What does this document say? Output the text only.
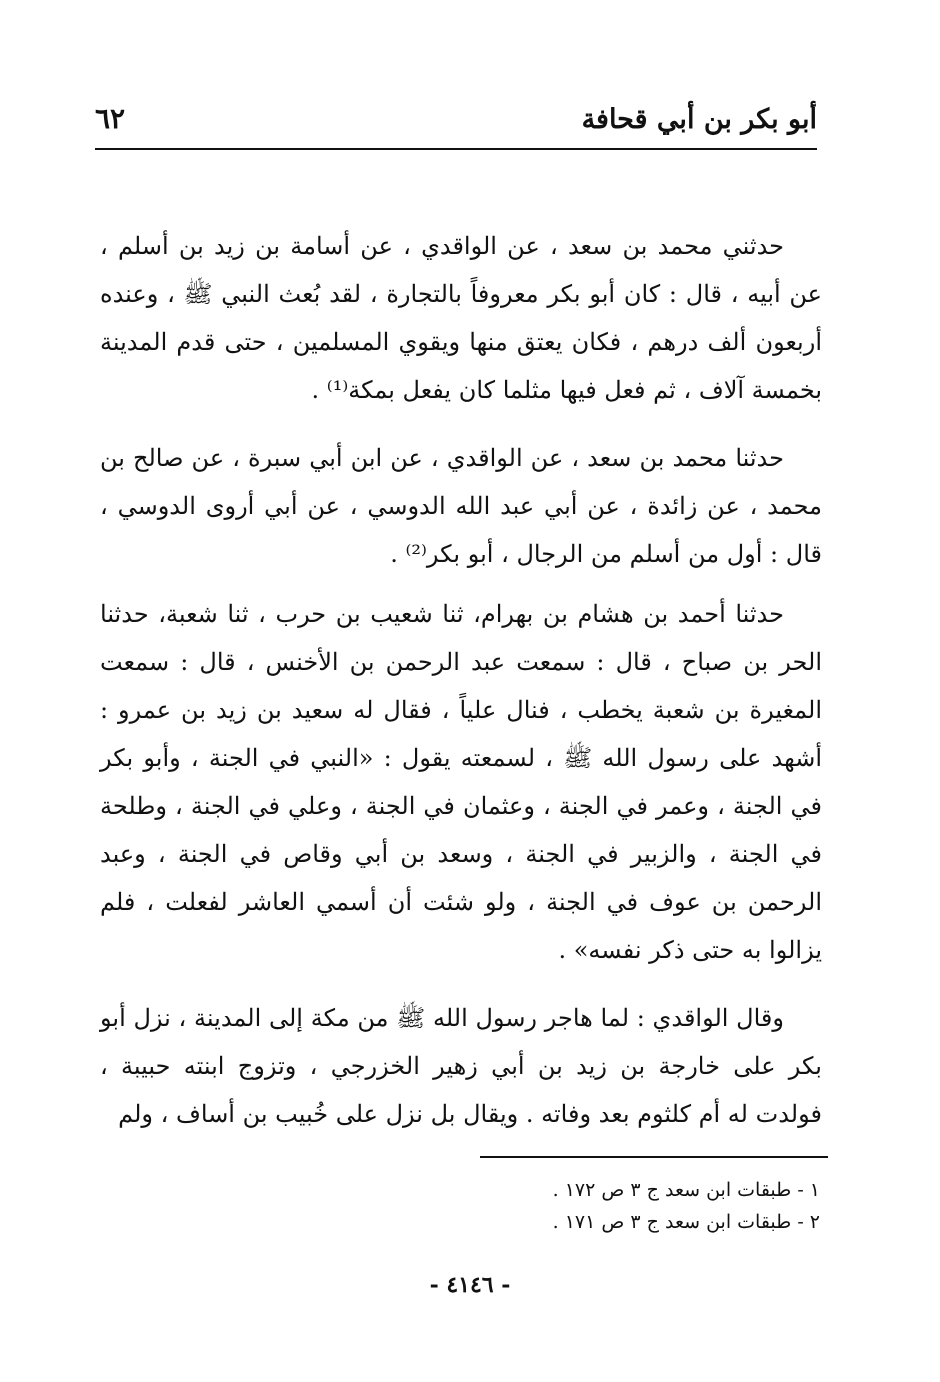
أبو بكر بن أبي قحافة
٦٢

حدثني محمد بن سعد ، عن الواقدي ، عن أسامة بن زيد بن أسلم ، عن أبيه ، قال : كان أبو بكر معروفاً بالتجارة ، لقد بُعث النبي ﷺ ، وعنده أربعون ألف درهم ، فكان يعتق منها ويقوي المسلمين ، حتى قدم المدينة بخمسة آلاف ، ثم فعل فيها مثلما كان يفعل بمكة⁽¹⁾ .

حدثنا محمد بن سعد ، عن الواقدي ، عن ابن أبي سبرة ، عن صالح بن محمد ، عن زائدة ، عن أبي عبد الله الدوسي ، عن أبي أروى الدوسي ، قال : أول من أسلم من الرجال ، أبو بكر⁽²⁾ .

حدثنا أحمد بن هشام بن بهرام، ثنا شعيب بن حرب ، ثنا شعبة، حدثنا الحر بن صباح ، قال : سمعت عبد الرحمن بن الأخنس ، قال : سمعت المغيرة بن شعبة يخطب ، فنال علياً ، فقال له سعيد بن زيد بن عمرو : أشهد على رسول الله ﷺ ، لسمعته يقول : «النبي في الجنة ، وأبو بكر في الجنة ، وعمر في الجنة ، وعثمان في الجنة ، وعلي في الجنة ، وطلحة في الجنة ، والزبير في الجنة ، وسعد بن أبي وقاص في الجنة ، وعبد الرحمن بن عوف في الجنة ، ولو شئت أن أسمي العاشر لفعلت ، فلم يزالوا به حتى ذكر نفسه» .

وقال الواقدي : لما هاجر رسول الله ﷺ من مكة إلى المدينة ، نزل أبو بكر على خارجة بن زيد بن أبي زهير الخزرجي ، وتزوج ابنته حبيبة ، فولدت له أم كلثوم بعد وفاته . ويقال بل نزل على خُبيب بن أساف ، ولم

١ - طبقات ابن سعد ج ٣ ص ١٧٢ .
٢ - طبقات ابن سعد ج ٣ ص ١٧١ .
- ٤١٤٦ -
